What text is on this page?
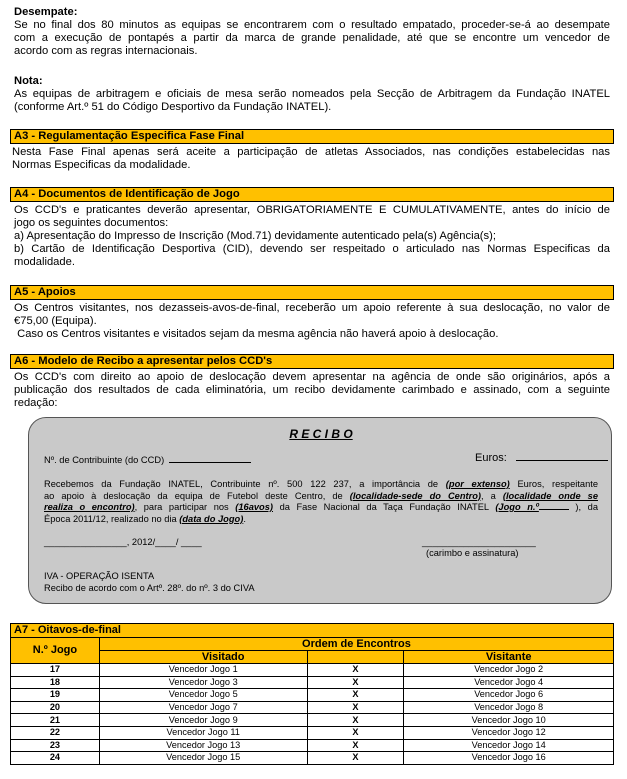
Desempate:
Se no final dos 80 minutos as equipas se encontrarem com o resultado empatado, proceder-se-á ao desempate
com a execução de pontapés a partir da marca de grande penalidade, até que se encontre um vencedor de
acordo com as regras internacionais.
Nota:
As equipas de arbitragem e oficiais de mesa serão nomeados pela Secção de Arbitragem da Fundação INATEL
(conforme Art.º 51 do Código Desportivo da Fundação INATEL).
A3 - Regulamentação Especifica Fase Final
Nesta Fase Final apenas será aceite a participação de atletas Associados, nas condições estabelecidas nas
Normas Especificas da modalidade.
A4 - Documentos de Identificação de Jogo
Os CCD's e praticantes deverão apresentar, OBRIGATORIAMENTE E CUMULATIVAMENTE, antes do início de
jogo os seguintes documentos:
a) Apresentação do Impresso de Inscrição (Mod.71) devidamente autenticado pela(s) Agência(s);
b) Cartão de Identificação Desportiva (CID), devendo ser respeitado o articulado nas Normas Especificas da
modalidade.
A5 - Apoios
Os Centros visitantes, nos dezasseis-avos-de-final, receberão um apoio referente à sua deslocação, no valor de
€75,00 (Equipa).
Caso os Centros visitantes e visitados sejam da mesma agência não haverá apoio à deslocação.
A6 - Modelo de Recibo a apresentar pelos CCD's
Os CCD's com direito ao apoio de deslocação devem apresentar na agência de onde são originários, após a
publicação dos resultados de cada eliminatória, um recibo devidamente carimbado e assinado, com a seguinte
redação:
R E C I B O
Nº. de Contribuinte (do CCD)	Euros:
Recebemos da Fundação INATEL, Contribuinte nº. 500 122 237, a importância de (por extenso) Euros, respeitante
ao apoio à deslocação da equipa de Futebol deste Centro, de (localidade-sede do Centro), a (localidade onde se
realiza o encontro), para participar nos (16avos) da Fase Nacional da Taça Fundação INATEL (Jogo n.º	), da
Época 2011/12, realizado no dia (data do Jogo).
________________, 2012/____/ ____	______________________
(carimbo e assinatura)
IVA - OPERAÇÃO ISENTA
Recibo de acordo com o Artº. 28º. do nº. 3 do CIVA
A7 - Oitavos-de-final			
N.º Jogo	Ordem de Encontros		
	Visitado		Visitante
17	Vencedor Jogo 1	X	Vencedor Jogo 2
18	Vencedor Jogo 3	X	Vencedor Jogo 4
19	Vencedor Jogo 5	X	Vencedor Jogo 6
20	Vencedor Jogo 7	X	Vencedor Jogo 8
21	Vencedor Jogo 9	X	Vencedor Jogo 10
22	Vencedor Jogo 11	X	Vencedor Jogo 12
23	Vencedor Jogo 13	X	Vencedor Jogo 14
24	Vencedor Jogo 15	X	Vencedor Jogo 16
